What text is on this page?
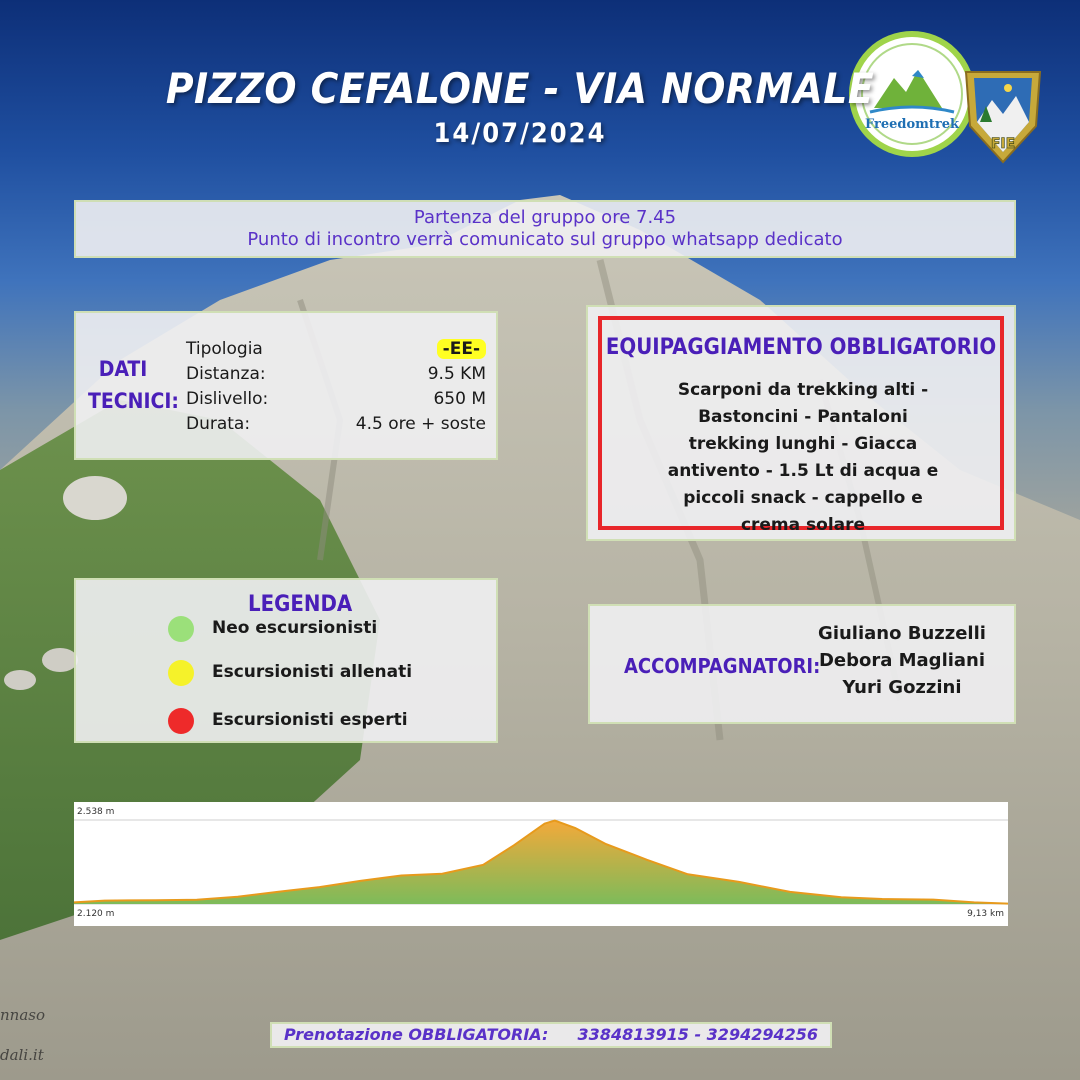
Freedomtrek
FIE
PIZZO CEFALONE - VIA NORMALE
14/07/2024
Partenza del gruppo ore 7.45
Punto di incontro verrà comunicato sul gruppo whatsapp dedicato
DATI
TECNICI:
Tipologia	-EE-
Distanza:	9.5 KM
Dislivello:	650 M
Durata:	4.5 ore + soste
EQUIPAGGIAMENTO OBBLIGATORIO
Scarponi da trekking alti -
Bastoncini - Pantaloni
trekking lunghi - Giacca
antivento - 1.5 Lt di acqua e
piccoli snack - cappello e
crema solare
LEGENDA
Neo escursionisti
Escursionisti allenati
Escursionisti esperti
ACCOMPAGNATORI:
Giuliano Buzzelli
Debora Magliani
Yuri Gozzini
2.538 m
2.120 m	9,13 km
Prenotazione OBBLIGATORIA: 3384813915 - 3294294256
nnaso
dali.it
